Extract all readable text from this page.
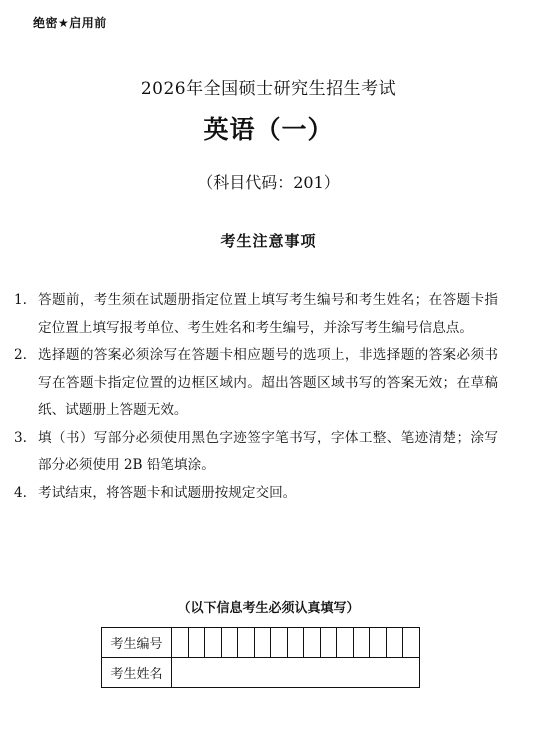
绝密★启用前
2026年全国硕士研究生招生考试
英语（一）
（科目代码：201）
考生注意事项
1. 答题前，考生须在试题册指定位置上填写考生编号和考生姓名；在答题卡指定位置上填写报考单位、考生姓名和考生编号，并涂写考生编号信息点。
2. 选择题的答案必须涂写在答题卡相应题号的选项上，非选择题的答案必须书写在答题卡指定位置的边框区域内。超出答题区域书写的答案无效；在草稿纸、试题册上答题无效。
3. 填（书）写部分必须使用黑色字迹签字笔书写，字体工整、笔迹清楚；涂写部分必须使用 2B 铅笔填涂。
4. 考试结束，将答题卡和试题册按规定交回。
（以下信息考生必须认真填写）
考生编号	

考生姓名	
